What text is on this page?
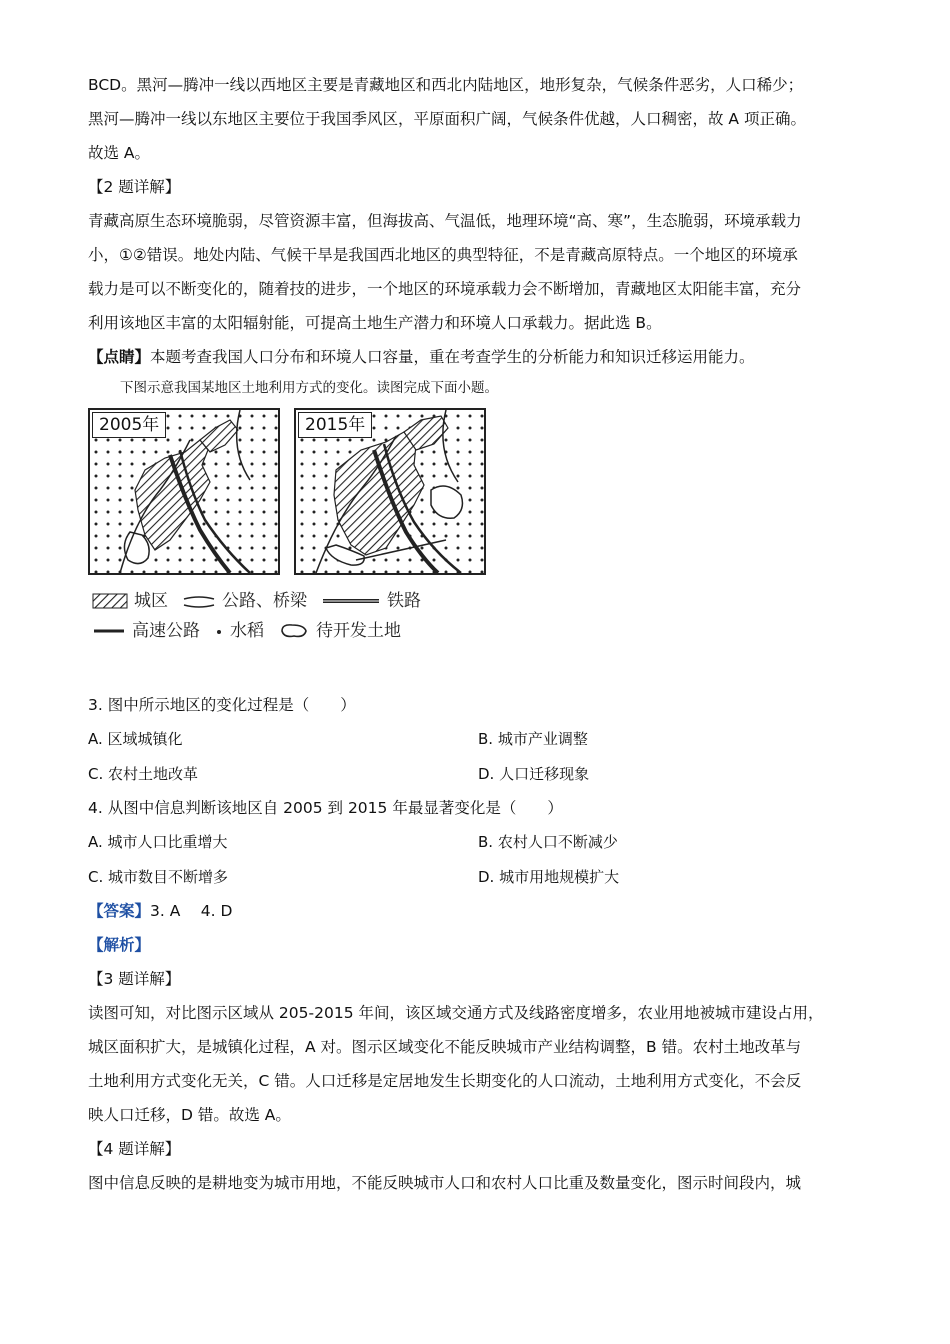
BCD。黑河—腾冲一线以西地区主要是青藏地区和西北内陆地区，地形复杂，气候条件恶劣，人口稀少；

黑河—腾冲一线以东地区主要位于我国季风区，平原面积广阔，气候条件优越，人口稠密，故 A 项正确。

故选 A。

【2 题详解】

青藏高原生态环境脆弱，尽管资源丰富，但海拔高、气温低，地理环境“高、寒”，生态脆弱，环境承载力

小，①②错误。地处内陆、气候干旱是我国西北地区的典型特征，不是青藏高原特点。一个地区的环境承

载力是可以不断变化的，随着技的进步，一个地区的环境承载力会不断增加，青藏地区太阳能丰富，充分

利用该地区丰富的太阳辐射能，可提高土地生产潜力和环境人口承载力。据此选 B。

【点睛】本题考查我国人口分布和环境人口容量，重在考查学生的分析能力和知识迁移运用能力。

下图示意我国某地区土地利用方式的变化。读图完成下面小题。

2005年	2015年
城区	公路、桥梁	铁路
高速公路 水稻	待开发土地

3. 图中所示地区的变化过程是（　　）

A. 区域城镇化	B. 城市产业调整
C. 农村土地改革	D. 人口迁移现象

4. 从图中信息判断该地区自 2005 到 2015 年最显著变化是（　　）

A. 城市人口比重增大	B. 农村人口不断减少
C. 城市数目不断增多	D. 城市用地规模扩大

【答案】3. A　 4. D

【解析】

【3 题详解】

读图可知，对比图示区域从 205-2015 年间，该区域交通方式及线路密度增多，农业用地被城市建设占用，

城区面积扩大，是城镇化过程，A 对。图示区域变化不能反映城市产业结构调整，B 错。农村土地改革与

土地利用方式变化无关，C 错。人口迁移是定居地发生长期变化的人口流动，土地利用方式变化，不会反

映人口迁移，D 错。故选 A。

【4 题详解】

图中信息反映的是耕地变为城市用地，不能反映城市人口和农村人口比重及数量变化，图示时间段内，城
